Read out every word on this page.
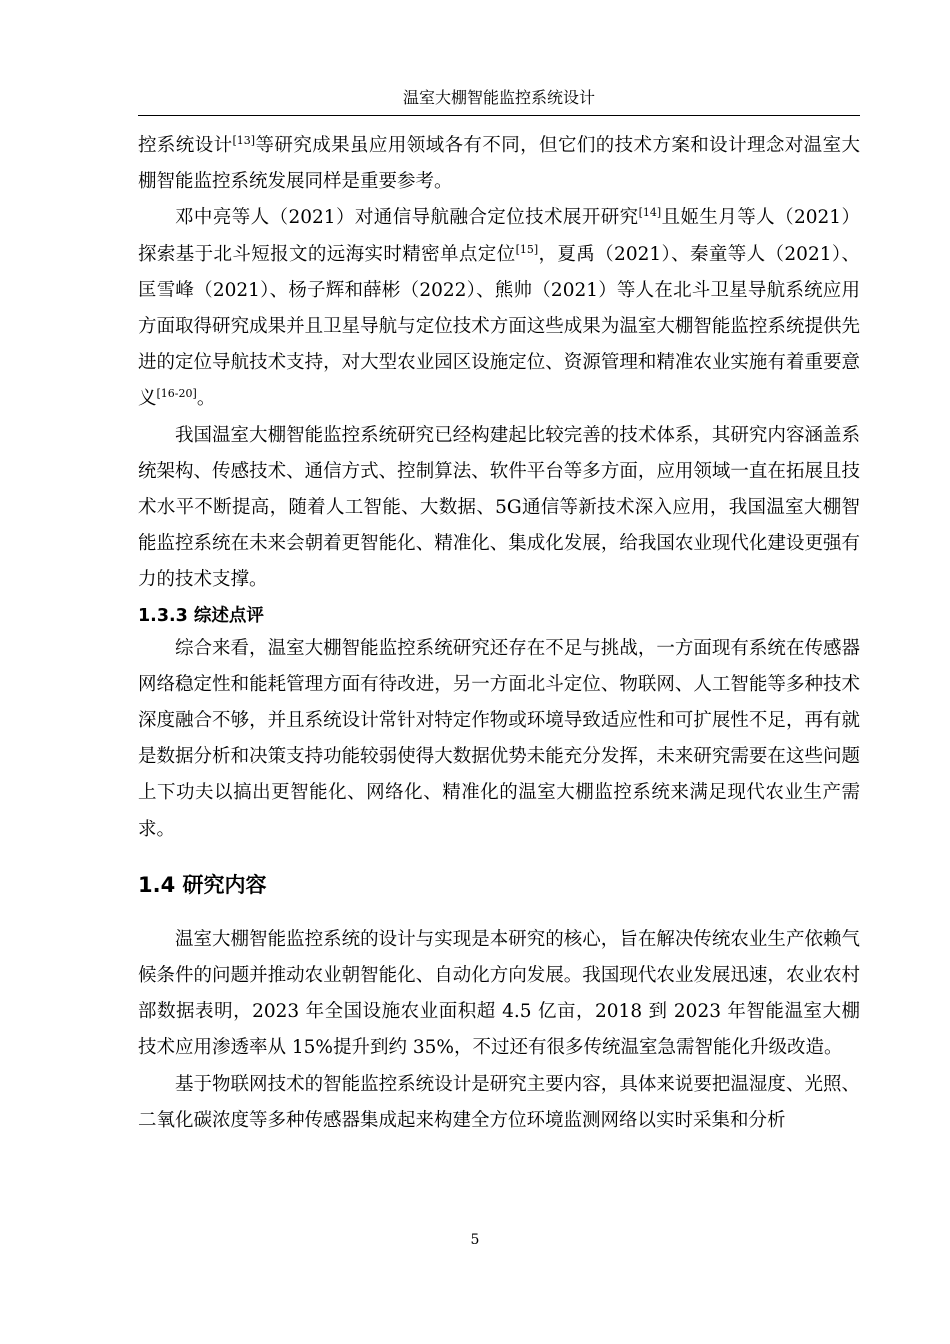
温室大棚智能监控系统设计

控系统设计[13]等研究成果虽应用领域各有不同，但它们的技术方案和设计理念对温室大棚智能监控系统发展同样是重要参考。

邓中亮等人（2021）对通信导航融合定位技术展开研究[14]且姬生月等人（2021）探索基于北斗短报文的远海实时精密单点定位[15]，夏禹（2021）、秦童等人（2021）、匡雪峰（2021）、杨子辉和薛彬（2022）、熊帅（2021）等人在北斗卫星导航系统应用方面取得研究成果并且卫星导航与定位技术方面这些成果为温室大棚智能监控系统提供先进的定位导航技术支持，对大型农业园区设施定位、资源管理和精准农业实施有着重要意义[16-20]。

我国温室大棚智能监控系统研究已经构建起比较完善的技术体系，其研究内容涵盖系统架构、传感技术、通信方式、控制算法、软件平台等多方面，应用领域一直在拓展且技术水平不断提高，随着人工智能、大数据、5G通信等新技术深入应用，我国温室大棚智能监控系统在未来会朝着更智能化、精准化、集成化发展，给我国农业现代化建设更强有力的技术支撑。

1.3.3 综述点评

综合来看，温室大棚智能监控系统研究还存在不足与挑战，一方面现有系统在传感器网络稳定性和能耗管理方面有待改进，另一方面北斗定位、物联网、人工智能等多种技术深度融合不够，并且系统设计常针对特定作物或环境导致适应性和可扩展性不足，再有就是数据分析和决策支持功能较弱使得大数据优势未能充分发挥，未来研究需要在这些问题上下功夫以搞出更智能化、网络化、精准化的温室大棚监控系统来满足现代农业生产需求。

1.4 研究内容

温室大棚智能监控系统的设计与实现是本研究的核心，旨在解决传统农业生产依赖气候条件的问题并推动农业朝智能化、自动化方向发展。我国现代农业发展迅速，农业农村部数据表明，2023 年全国设施农业面积超 4.5 亿亩，2018 到 2023 年智能温室大棚技术应用渗透率从 15%提升到约 35%，不过还有很多传统温室急需智能化升级改造。

基于物联网技术的智能监控系统设计是研究主要内容，具体来说要把温湿度、光照、二氧化碳浓度等多种传感器集成起来构建全方位环境监测网络以实时采集和分析

5
